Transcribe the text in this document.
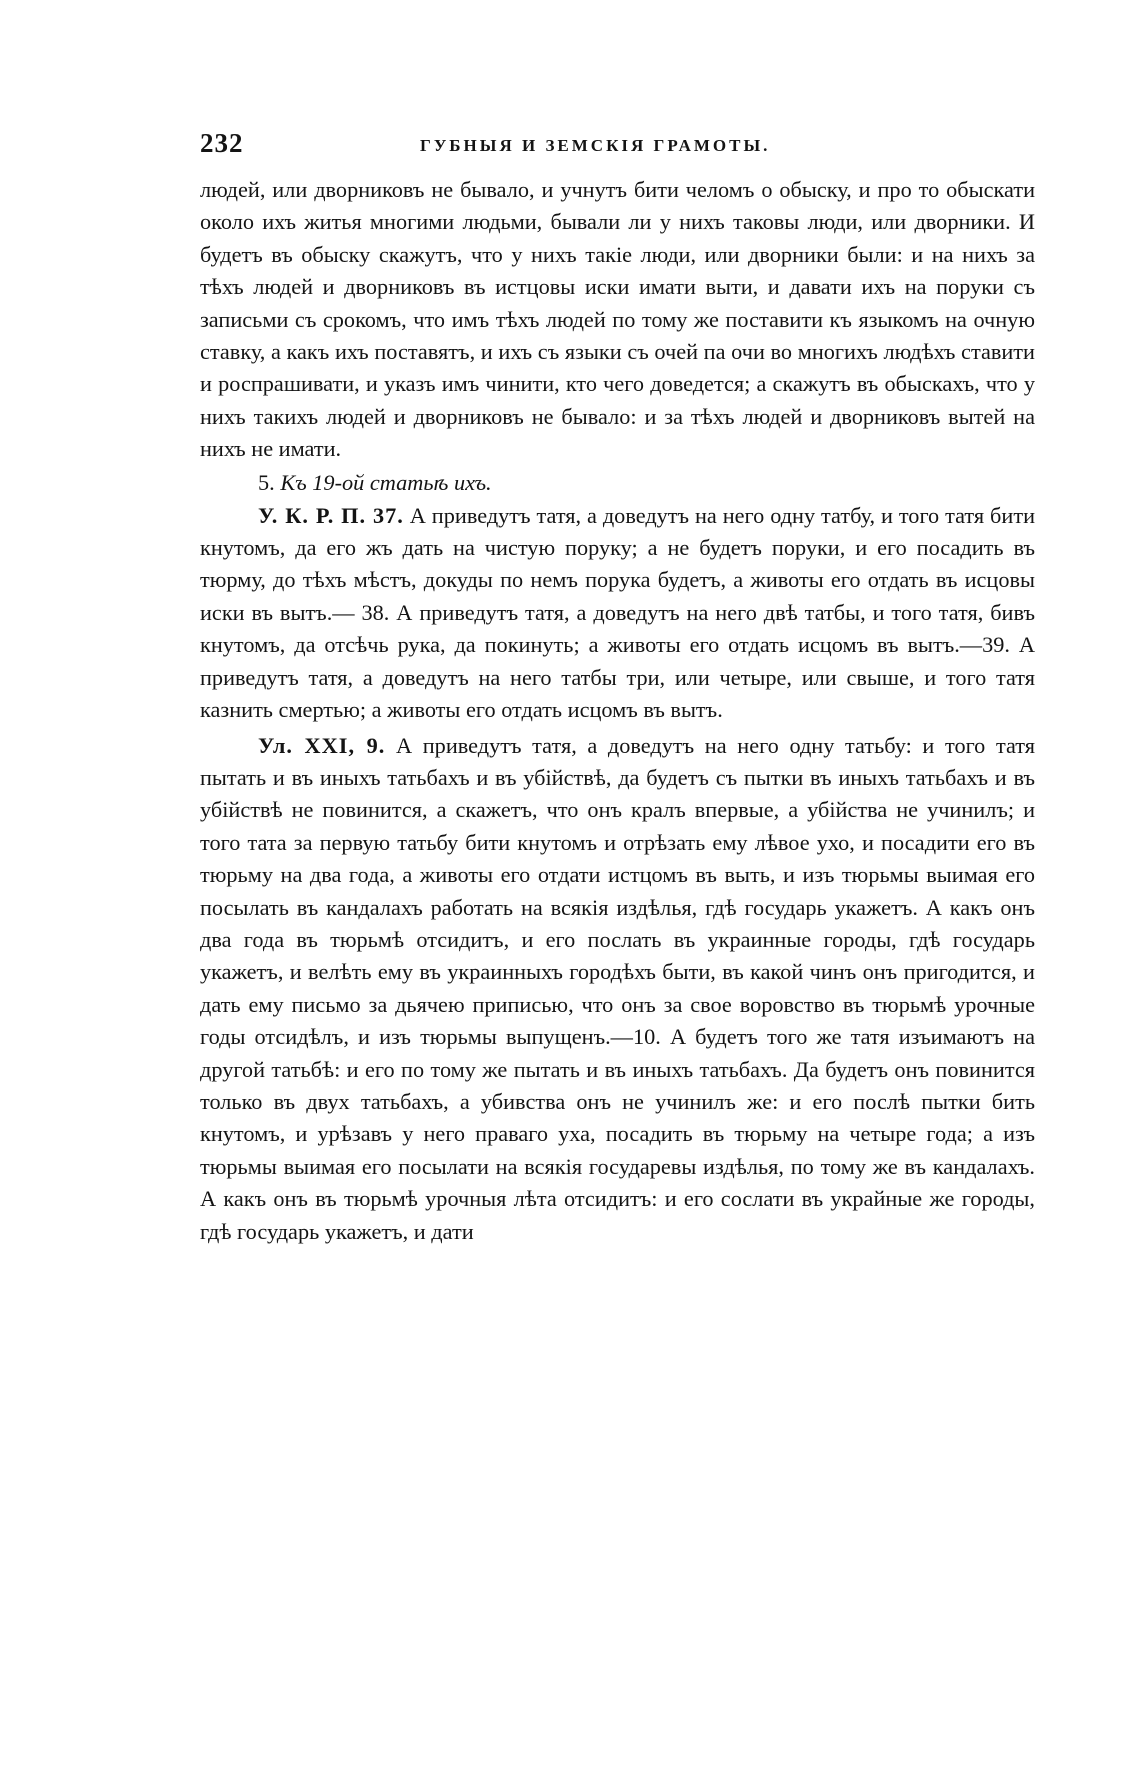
232	ГУБНЫЯ И ЗЕМСКІЯ ГРАМОТЫ.

людей, или дворниковъ не бывало, и учнутъ бити челомъ о обыску, и про то обыскати около ихъ житья многими людьми, бывали ли у нихъ таковы люди, или дворники. И будетъ въ обыску скажутъ, что у нихъ такіе люди, или дворники были: и на нихъ за тѣхъ людей и дворниковъ въ истцовы иски имати выти, и давати ихъ на поруки съ записьми съ срокомъ, что имъ тѣхъ людей по тому же поставити къ языкомъ на очную ставку, а какъ ихъ поставятъ, и ихъ съ языки съ очей па очи во многихъ людѣхъ ставити и роспрашивати, и указъ имъ чинити, кто чего доведется; а скажутъ въ обыскахъ, что у нихъ такихъ людей и дворниковъ не бывало: и за тѣхъ людей и дворниковъ вытей на нихъ не имати.

5. Къ 19-ой статьѣ ихъ.

У. К. Р. П. 37. А приведутъ татя, а доведутъ на него одну татбу, и того татя бити кнутомъ, да его жъ дать на чистую поруку; а не будетъ поруки, и его посадить въ тюрму, до тѣхъ мѣстъ, докуды по немъ порука будетъ, а животы его отдать въ исцовы иски въ вытъ.— 38. А приведутъ татя, а доведутъ на него двѣ татбы, и того татя, бивъ кнутомъ, да отсѣчь рука, да покинуть; а животы его отдать исцомъ въ вытъ.—39. А приведутъ татя, а доведутъ на него татбы три, или четыре, или свыше, и того татя казнить смертью; а животы его отдать исцомъ въ вытъ.

Ул. XXI, 9. А приведутъ татя, а доведутъ на него одну татьбу: и того татя пытать и въ иныхъ татьбахъ и въ убійствѣ, да будетъ съ пытки въ иныхъ татьбахъ и въ убійствѣ не повинится, а скажетъ, что онъ кралъ впервые, а убійства не учинилъ; и того тата за первую татьбу бити кнутомъ и отрѣзать ему лѣвое ухо, и посадити его въ тюрьму на два года, а животы его отдати истцомъ въ выть, и изъ тюрьмы выимая его посылать въ кандалахъ работать на всякія издѣлья, гдѣ государь укажетъ. А какъ онъ два года въ тюрьмѣ отсидитъ, и его послать въ украинные городы, гдѣ государь укажетъ, и велѣть ему въ украинныхъ городѣхъ быти, въ какой чинъ онъ пригодится, и дать ему письмо за дьячею приписью, что онъ за свое воровство въ тюрьмѣ урочные годы отсидѣлъ, и изъ тюрьмы выпущенъ.—10. А будетъ того же татя изъимаютъ на другой татьбѣ: и его по тому же пытать и въ иныхъ татьбахъ. Да будетъ онъ повинится только въ двух татьбахъ, а убивства онъ не учинилъ же: и его послѣ пытки бить кнутомъ, и урѣзавъ у него праваго уха, посадить въ тюрьму на четыре года; а изъ тюрьмы выимая его посылати на всякія государевы издѣлья, по тому же въ кандалахъ. А какъ онъ въ тюрьмѣ урочныя лѣта отсидитъ: и его сослати въ украйные же городы, гдѣ государь укажетъ, и дати
